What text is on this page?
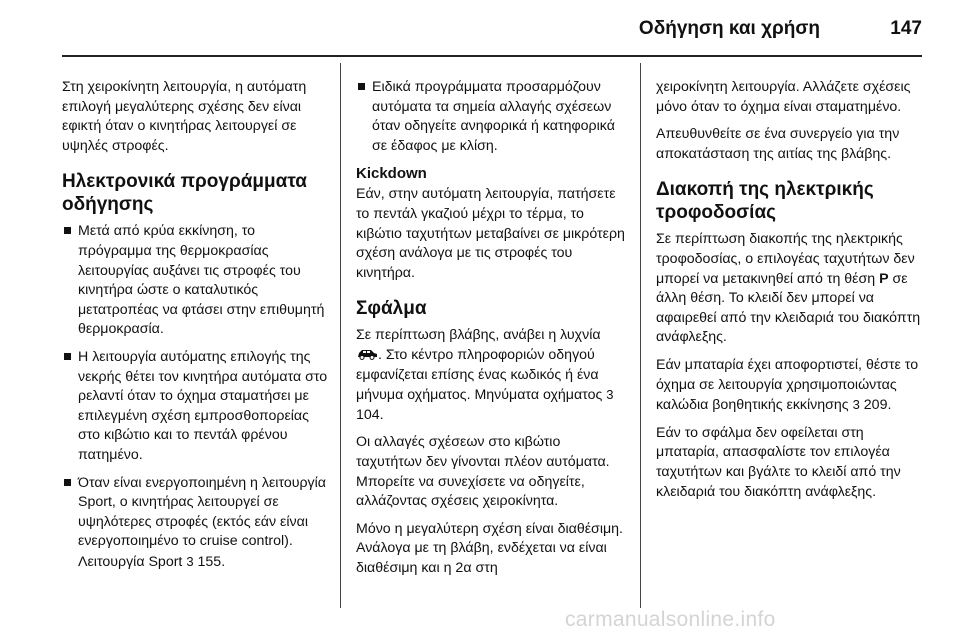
Οδήγηση και χρήση	147

Στη χειροκίνητη λειτουργία, η αυτόματη επιλογή μεγαλύτερης σχέσης δεν είναι εφικτή όταν ο κινητήρας λειτουργεί σε υψηλές στροφές.

Ηλεκτρονικά προγράμματα οδήγησης
Μετά από κρύα εκκίνηση, το πρόγραμμα της θερμοκρασίας λειτουργίας αυξάνει τις στροφές του κινητήρα ώστε ο καταλυτικός μετατροπέας να φτάσει στην επιθυμητή θερμοκρασία.
Η λειτουργία αυτόματης επιλογής της νεκρής θέτει τον κινητήρα αυτόματα στο ρελαντί όταν το όχημα σταματήσει με επιλεγμένη σχέση εμπροσθοπορείας στο κιβώτιο και το πεντάλ φρένου πατημένο.
Όταν είναι ενεργοποιημένη η λειτουργία Sport, ο κινητήρας λειτουργεί σε υψηλότερες στροφές (εκτός εάν είναι ενεργοποιημένο το cruise control). Λειτουργία Sport 3 155.
Ειδικά προγράμματα προσαρμόζουν αυτόματα τα σημεία αλλαγής σχέσεων όταν οδηγείτε ανηφορικά ή κατηφορικά σε έδαφος με κλίση.
Kickdown

Εάν, στην αυτόματη λειτουργία, πατήσετε το πεντάλ γκαζιού μέχρι το τέρμα, το κιβώτιο ταχυτήτων μεταβαίνει σε μικρότερη σχέση ανάλογα με τις στροφές του κινητήρα.

Σφάλμα

Σε περίπτωση βλάβης, ανάβει η λυχνία . Στο κέντρο πληροφοριών οδηγού εμφανίζεται επίσης ένας κωδικός ή ένα μήνυμα οχήματος. Μηνύματα οχήματος 3 104.

Οι αλλαγές σχέσεων στο κιβώτιο ταχυτήτων δεν γίνονται πλέον αυτόματα. Μπορείτε να συνεχίσετε να οδηγείτε, αλλάζοντας σχέσεις χειροκίνητα.

Μόνο η μεγαλύτερη σχέση είναι διαθέσιμη. Ανάλογα με τη βλάβη, ενδέχεται να είναι διαθέσιμη και η 2α στη

χειροκίνητη λειτουργία. Αλλάζετε σχέσεις μόνο όταν το όχημα είναι σταματημένο.

Απευθυνθείτε σε ένα συνεργείο για την αποκατάσταση της αιτίας της βλάβης.

Διακοπή της ηλεκτρικής τροφοδοσίας

Σε περίπτωση διακοπής της ηλεκτρικής τροφοδοσίας, ο επιλογέας ταχυτήτων δεν μπορεί να μετακινηθεί από τη θέση P σε άλλη θέση. Το κλειδί δεν μπορεί να αφαιρεθεί από την κλειδαριά του διακόπτη ανάφλεξης.

Εάν μπαταρία έχει αποφορτιστεί, θέστε το όχημα σε λειτουργία χρησιμοποιώντας καλώδια βοηθητικής εκκίνησης 3 209.

Εάν το σφάλμα δεν οφείλεται στη μπαταρία, απασφαλίστε τον επιλογέα ταχυτήτων και βγάλτε το κλειδί από την κλειδαριά του διακόπτη ανάφλεξης.

carmanualsonline.info
